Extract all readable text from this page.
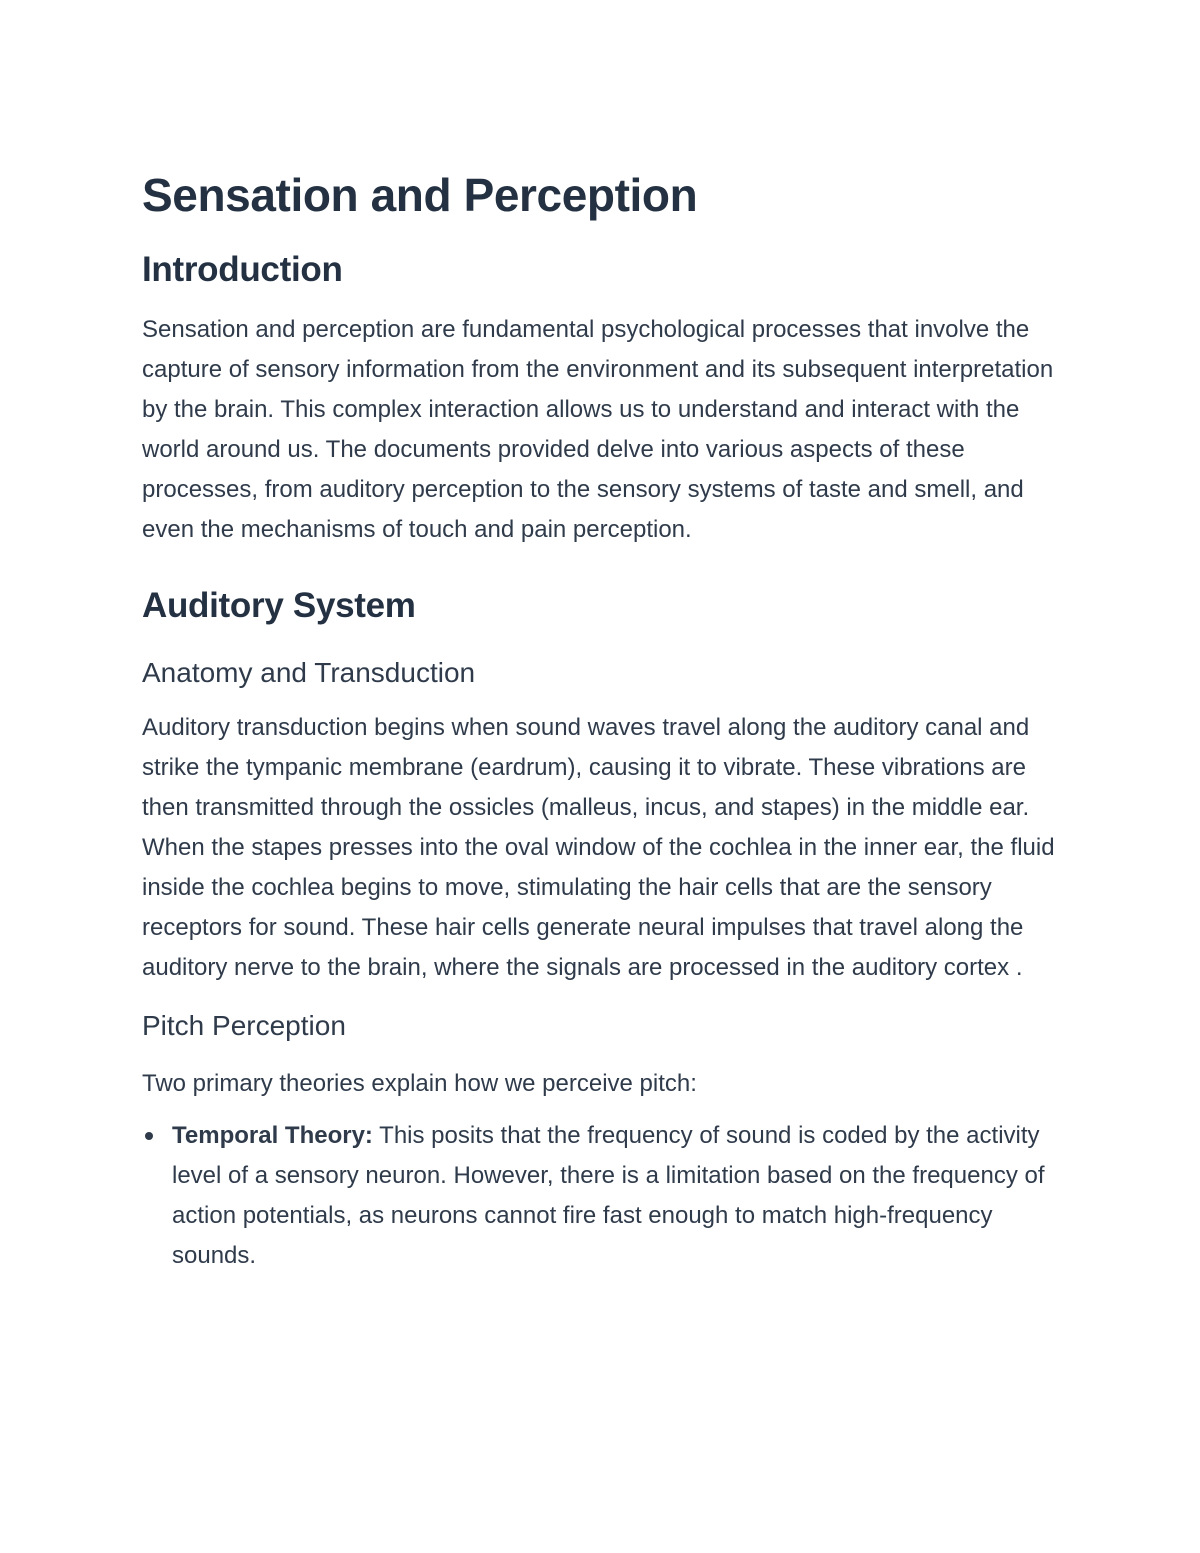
Sensation and Perception
Introduction

Sensation and perception are fundamental psychological processes that involve the capture of sensory information from the environment and its subsequent interpretation by the brain. This complex interaction allows us to understand and interact with the world around us. The documents provided delve into various aspects of these processes, from auditory perception to the sensory systems of taste and smell, and even the mechanisms of touch and pain perception.

Auditory System
Anatomy and Transduction

Auditory transduction begins when sound waves travel along the auditory canal and strike the tympanic membrane (eardrum), causing it to vibrate. These vibrations are then transmitted through the ossicles (malleus, incus, and stapes) in the middle ear. When the stapes presses into the oval window of the cochlea in the inner ear, the fluid inside the cochlea begins to move, stimulating the hair cells that are the sensory receptors for sound. These hair cells generate neural impulses that travel along the auditory nerve to the brain, where the signals are processed in the auditory cortex .

Pitch Perception

Two primary theories explain how we perceive pitch:

Temporal Theory: This posits that the frequency of sound is coded by the activity level of a sensory neuron. However, there is a limitation based on the frequency of action potentials, as neurons cannot fire fast enough to match high-frequency sounds.
